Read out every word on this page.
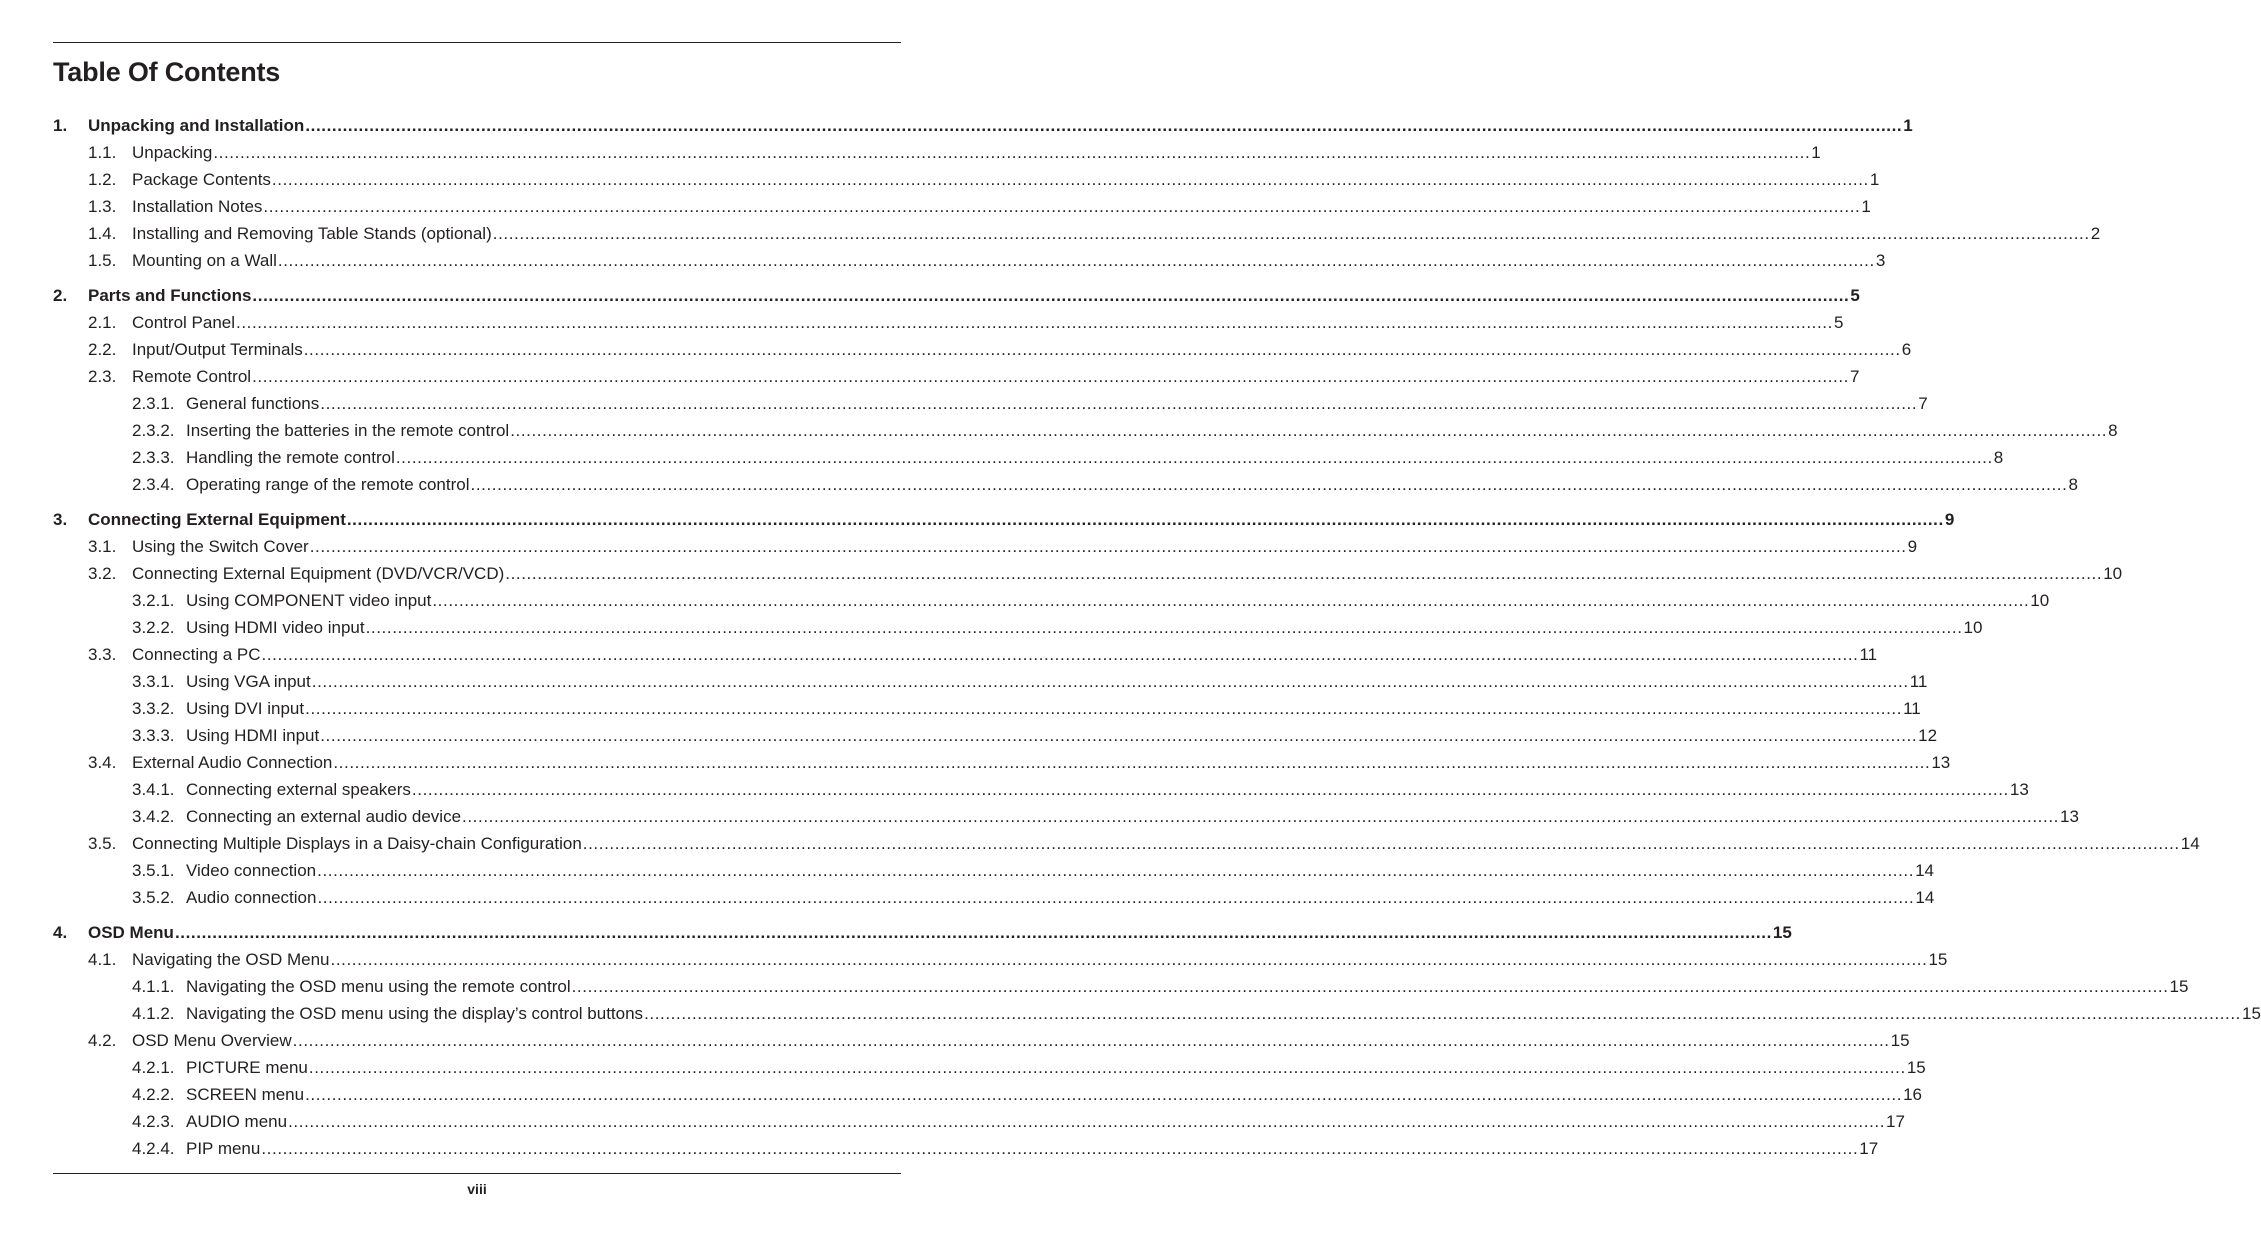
Table Of Contents
1. Unpacking and Installation ............................................................................................................................................................................................................................................................................................................ 1
1.1. Unpacking ............................................................................................................................................................................................................................................................................................................ 1
1.2. Package Contents ............................................................................................................................................................................................................................................................................................................ 1
1.3. Installation Notes ............................................................................................................................................................................................................................................................................................................ 1
1.4. Installing and Removing Table Stands (optional) ............................................................................................................................................................................................................................................................................................................ 2
1.5. Mounting on a Wall ............................................................................................................................................................................................................................................................................................................ 3
2. Parts and Functions ............................................................................................................................................................................................................................................................................................................ 5
2.1. Control Panel ............................................................................................................................................................................................................................................................................................................ 5
2.2. Input/Output Terminals ............................................................................................................................................................................................................................................................................................................ 6
2.3. Remote Control ............................................................................................................................................................................................................................................................................................................ 7
2.3.1. General functions ............................................................................................................................................................................................................................................................................................................ 7
2.3.2. Inserting the batteries in the remote control ............................................................................................................................................................................................................................................................................................................ 8
2.3.3. Handling the remote control ............................................................................................................................................................................................................................................................................................................ 8
2.3.4. Operating range of the remote control ............................................................................................................................................................................................................................................................................................................ 8
3. Connecting External Equipment ............................................................................................................................................................................................................................................................................................................ 9
3.1. Using the Switch Cover ............................................................................................................................................................................................................................................................................................................ 9
3.2. Connecting External Equipment (DVD/VCR/VCD) ............................................................................................................................................................................................................................................................................................................ 10
3.2.1. Using COMPONENT video input ............................................................................................................................................................................................................................................................................................................ 10
3.2.2. Using HDMI video input ............................................................................................................................................................................................................................................................................................................ 10
3.3. Connecting a PC ............................................................................................................................................................................................................................................................................................................ 11
3.3.1. Using VGA input ............................................................................................................................................................................................................................................................................................................ 11
3.3.2. Using DVI input ............................................................................................................................................................................................................................................................................................................ 11
3.3.3. Using HDMI input ............................................................................................................................................................................................................................................................................................................ 12
3.4. External Audio Connection ............................................................................................................................................................................................................................................................................................................ 13
3.4.1. Connecting external speakers ............................................................................................................................................................................................................................................................................................................ 13
3.4.2. Connecting an external audio device ............................................................................................................................................................................................................................................................................................................ 13
3.5. Connecting Multiple Displays in a Daisy-chain Configuration ............................................................................................................................................................................................................................................................................................................ 14
3.5.1. Video connection ............................................................................................................................................................................................................................................................................................................ 14
3.5.2. Audio connection ............................................................................................................................................................................................................................................................................................................ 14
4. OSD Menu ............................................................................................................................................................................................................................................................................................................ 15
4.1. Navigating the OSD Menu ............................................................................................................................................................................................................................................................................................................ 15
4.1.1. Navigating the OSD menu using the remote control ............................................................................................................................................................................................................................................................................................................ 15
4.1.2. Navigating the OSD menu using the display’s control buttons ............................................................................................................................................................................................................................................................................................................ 15
4.2. OSD Menu Overview ............................................................................................................................................................................................................................................................................................................ 15
4.2.1. PICTURE menu ............................................................................................................................................................................................................................................................................................................ 15
4.2.2. SCREEN menu ............................................................................................................................................................................................................................................................................................................ 16
4.2.3. AUDIO menu ............................................................................................................................................................................................................................................................................................................ 17
4.2.4. PIP menu ............................................................................................................................................................................................................................................................................................................ 17
viii
